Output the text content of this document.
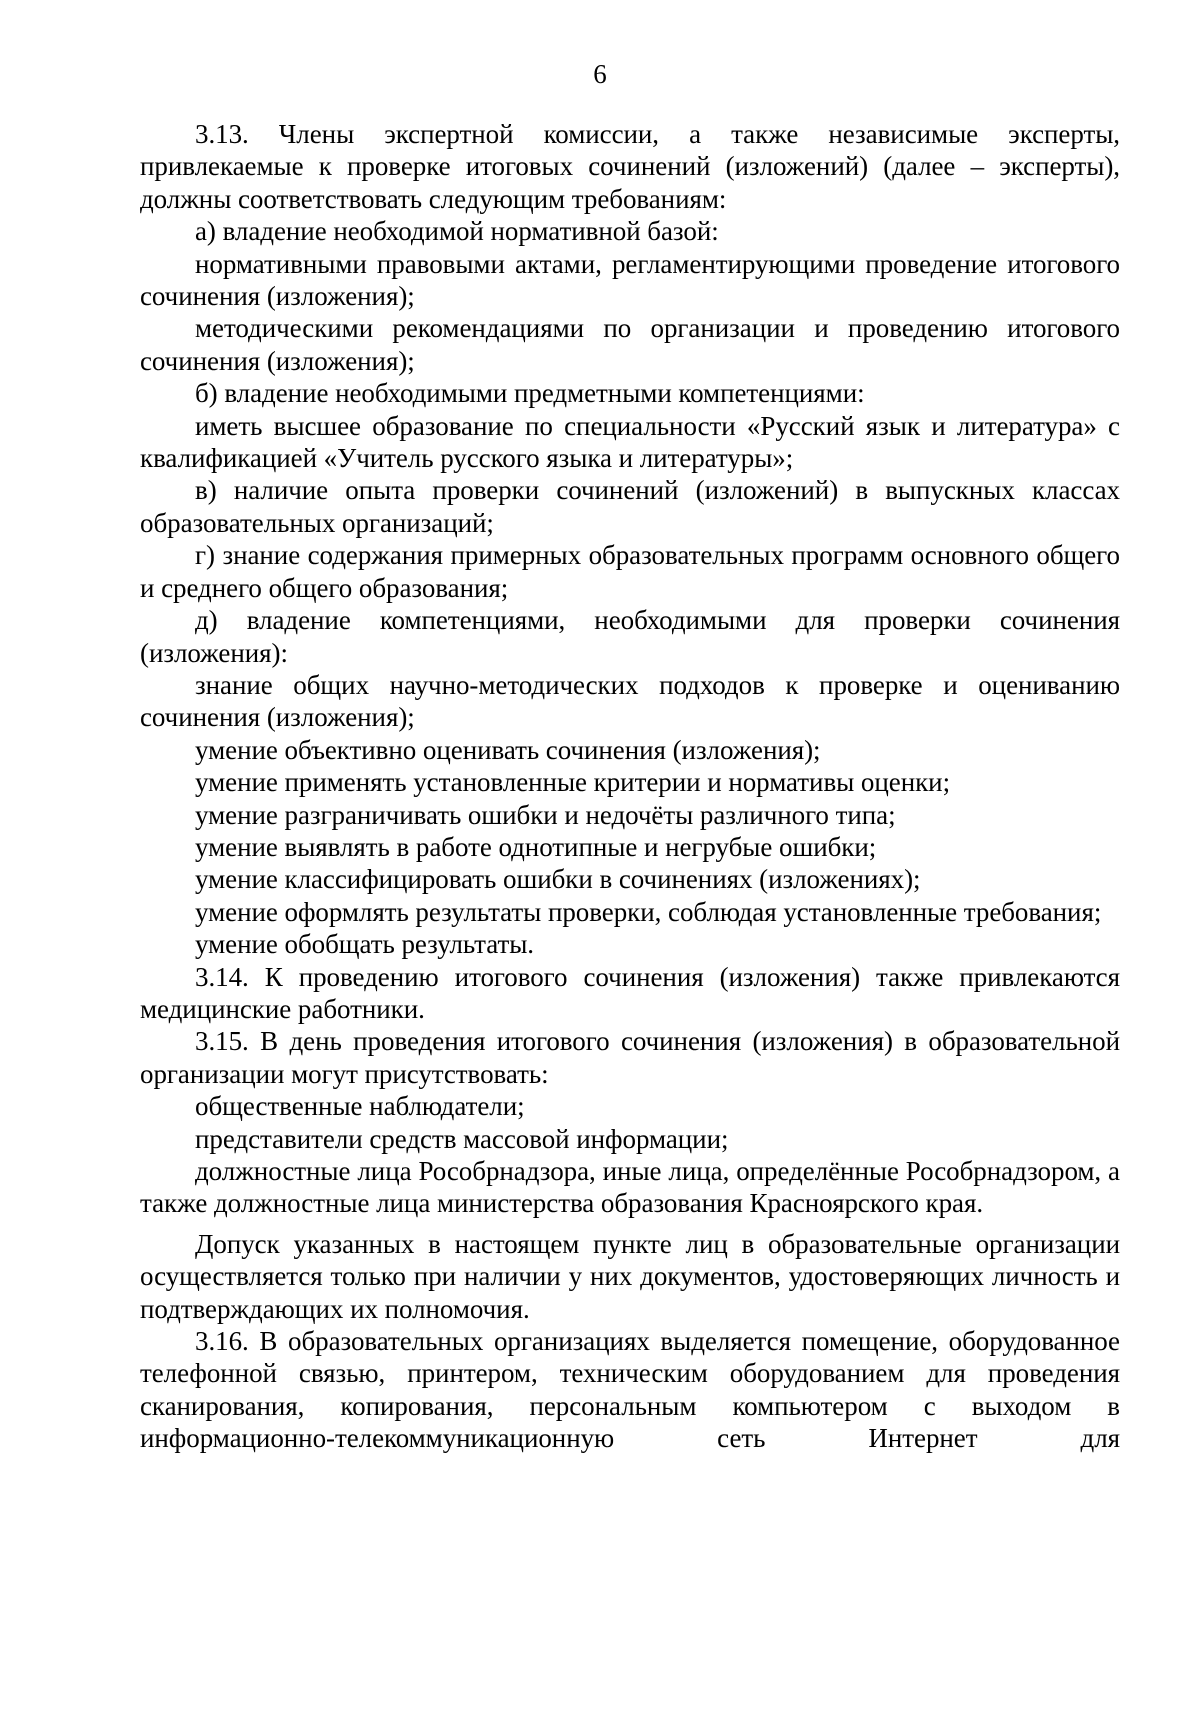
6

3.13. Члены экспертной комиссии, а также независимые эксперты, привлекаемые к проверке итоговых сочинений (изложений) (далее – эксперты), должны соответствовать следующим требованиям:

а) владение необходимой нормативной базой:

нормативными правовыми актами, регламентирующими проведение итогового сочинения (изложения);

методическими рекомендациями по организации и проведению итогового сочинения (изложения);

б) владение необходимыми предметными компетенциями:

иметь высшее образование по специальности «Русский язык и литература» с квалификацией «Учитель русского языка и литературы»;

в) наличие опыта проверки сочинений (изложений) в выпускных классах образовательных организаций;

г) знание содержания примерных образовательных программ основного общего и среднего общего образования;

д) владение компетенциями, необходимыми для проверки сочинения (изложения):

знание общих научно-методических подходов к проверке и оцениванию сочинения (изложения);

умение объективно оценивать сочинения (изложения);

умение применять установленные критерии и нормативы оценки;

умение разграничивать ошибки и недочёты различного типа;

умение выявлять в работе однотипные и негрубые ошибки;

умение классифицировать ошибки в сочинениях (изложениях);

умение оформлять результаты проверки, соблюдая установленные требования;

умение обобщать результаты.

3.14. К проведению итогового сочинения (изложения) также привлекаются медицинские работники.

3.15. В день проведения итогового сочинения (изложения) в образовательной организации могут присутствовать:

общественные наблюдатели;

представители средств массовой информации;

должностные лица Рособрнадзора, иные лица, определённые Рособрнадзором, а также должностные лица министерства образования Красноярского края.

Допуск указанных в настоящем пункте лиц в образовательные организации осуществляется только при наличии у них документов, удостоверяющих личность и подтверждающих их полномочия.

3.16. В образовательных организациях выделяется помещение, оборудованное телефонной связью, принтером, техническим оборудованием для проведения сканирования, копирования, персональным компьютером с выходом в информационно-телекоммуникационную сеть Интернет для
